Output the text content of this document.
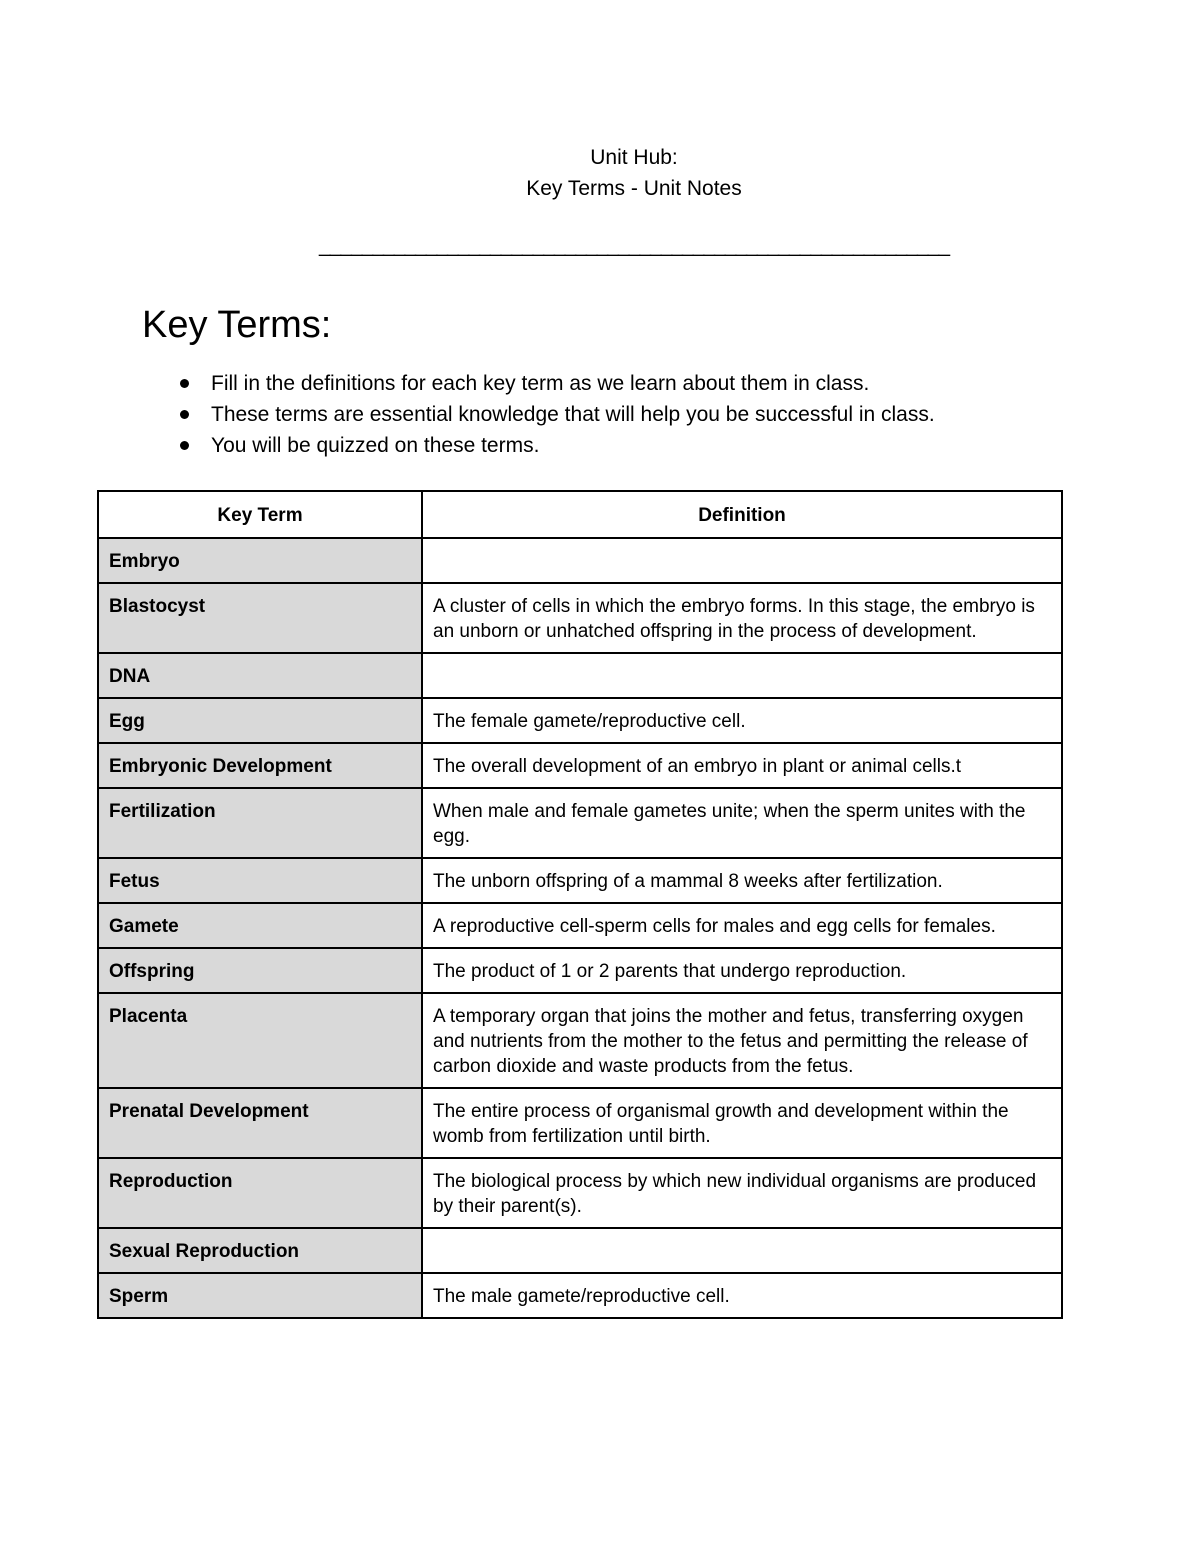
Unit Hub:
Key Terms - Unit Notes
___________________________________________________________
Key Terms:
Fill in the definitions for each key term as we learn about them in class.
These terms are essential knowledge that will help you be successful in class.
You will be quizzed on these terms.
Key Term	Definition
Embryo	
Blastocyst	A cluster of cells in which the embryo forms. In this stage, the embryo is an unborn or unhatched offspring in the process of development.
DNA	
Egg	The female gamete/reproductive cell.
Embryonic Development	The overall development of an embryo in plant or animal cells.t
Fertilization	When male and female gametes unite; when the sperm unites with the egg.
Fetus	The unborn offspring of a mammal 8 weeks after fertilization.
Gamete	A reproductive cell-sperm cells for males and egg cells for females.
Offspring	The product of 1 or 2 parents that undergo reproduction.
Placenta	A temporary organ that joins the mother and fetus, transferring oxygen and nutrients from the mother to the fetus and permitting the release of carbon dioxide and waste products from the fetus.
Prenatal Development	The entire process of organismal growth and development within the womb from fertilization until birth.
Reproduction	The biological process by which new individual organisms are produced by their parent(s).
Sexual Reproduction	
Sperm	The male gamete/reproductive cell.
